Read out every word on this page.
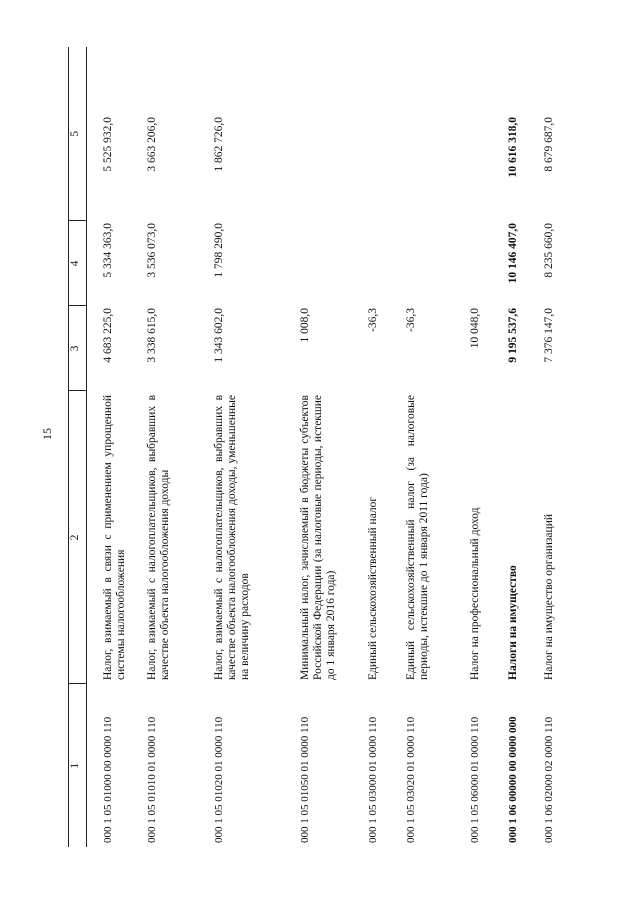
15
1	2	3	4	5
000 1 05 01000 00 0000 110	Налог, взимаемый в связи с применением упрощенной системы налогообложения	4 683 225,0	5 334 363,0	5 525 932,0
000 1 05 01010 01 0000 110	Налог, взимаемый с налогоплательщиков, выбравших в качестве объекта налогообложения доходы	3 338 615,0	3 536 073,0	3 663 206,0
000 1 05 01020 01 0000 110	Налог, взимаемый с налогоплательщиков, выбравших в качестве объекта налогообложения доходы, уменьшенные на величину расходов	1 343 602,0	1 798 290,0	1 862 726,0
000 1 05 01050 01 0000 110	Минимальный налог, зачисляемый в бюджеты субъектов Российской Федерации (за налоговые периоды, истекшие до 1 января 2016 года)	1 008,0		
000 1 05 03000 01 0000 110	Единый сельскохозяйственный налог	-36,3		
000 1 05 03020 01 0000 110	Единый сельскохозяйственный налог (за налоговые периоды, истекшие до 1 января 2011 года)	-36,3		
000 1 05 06000 01 0000 110	Налог на профессиональный доход	10 048,0		
000 1 06 00000 00 0000 000	Налоги на имущество	9 195 537,6	10 146 407,0	10 616 318,0
000 1 06 02000 02 0000 110	Налог на имущество организаций	7 376 147,0	8 235 660,0	8 679 687,0
